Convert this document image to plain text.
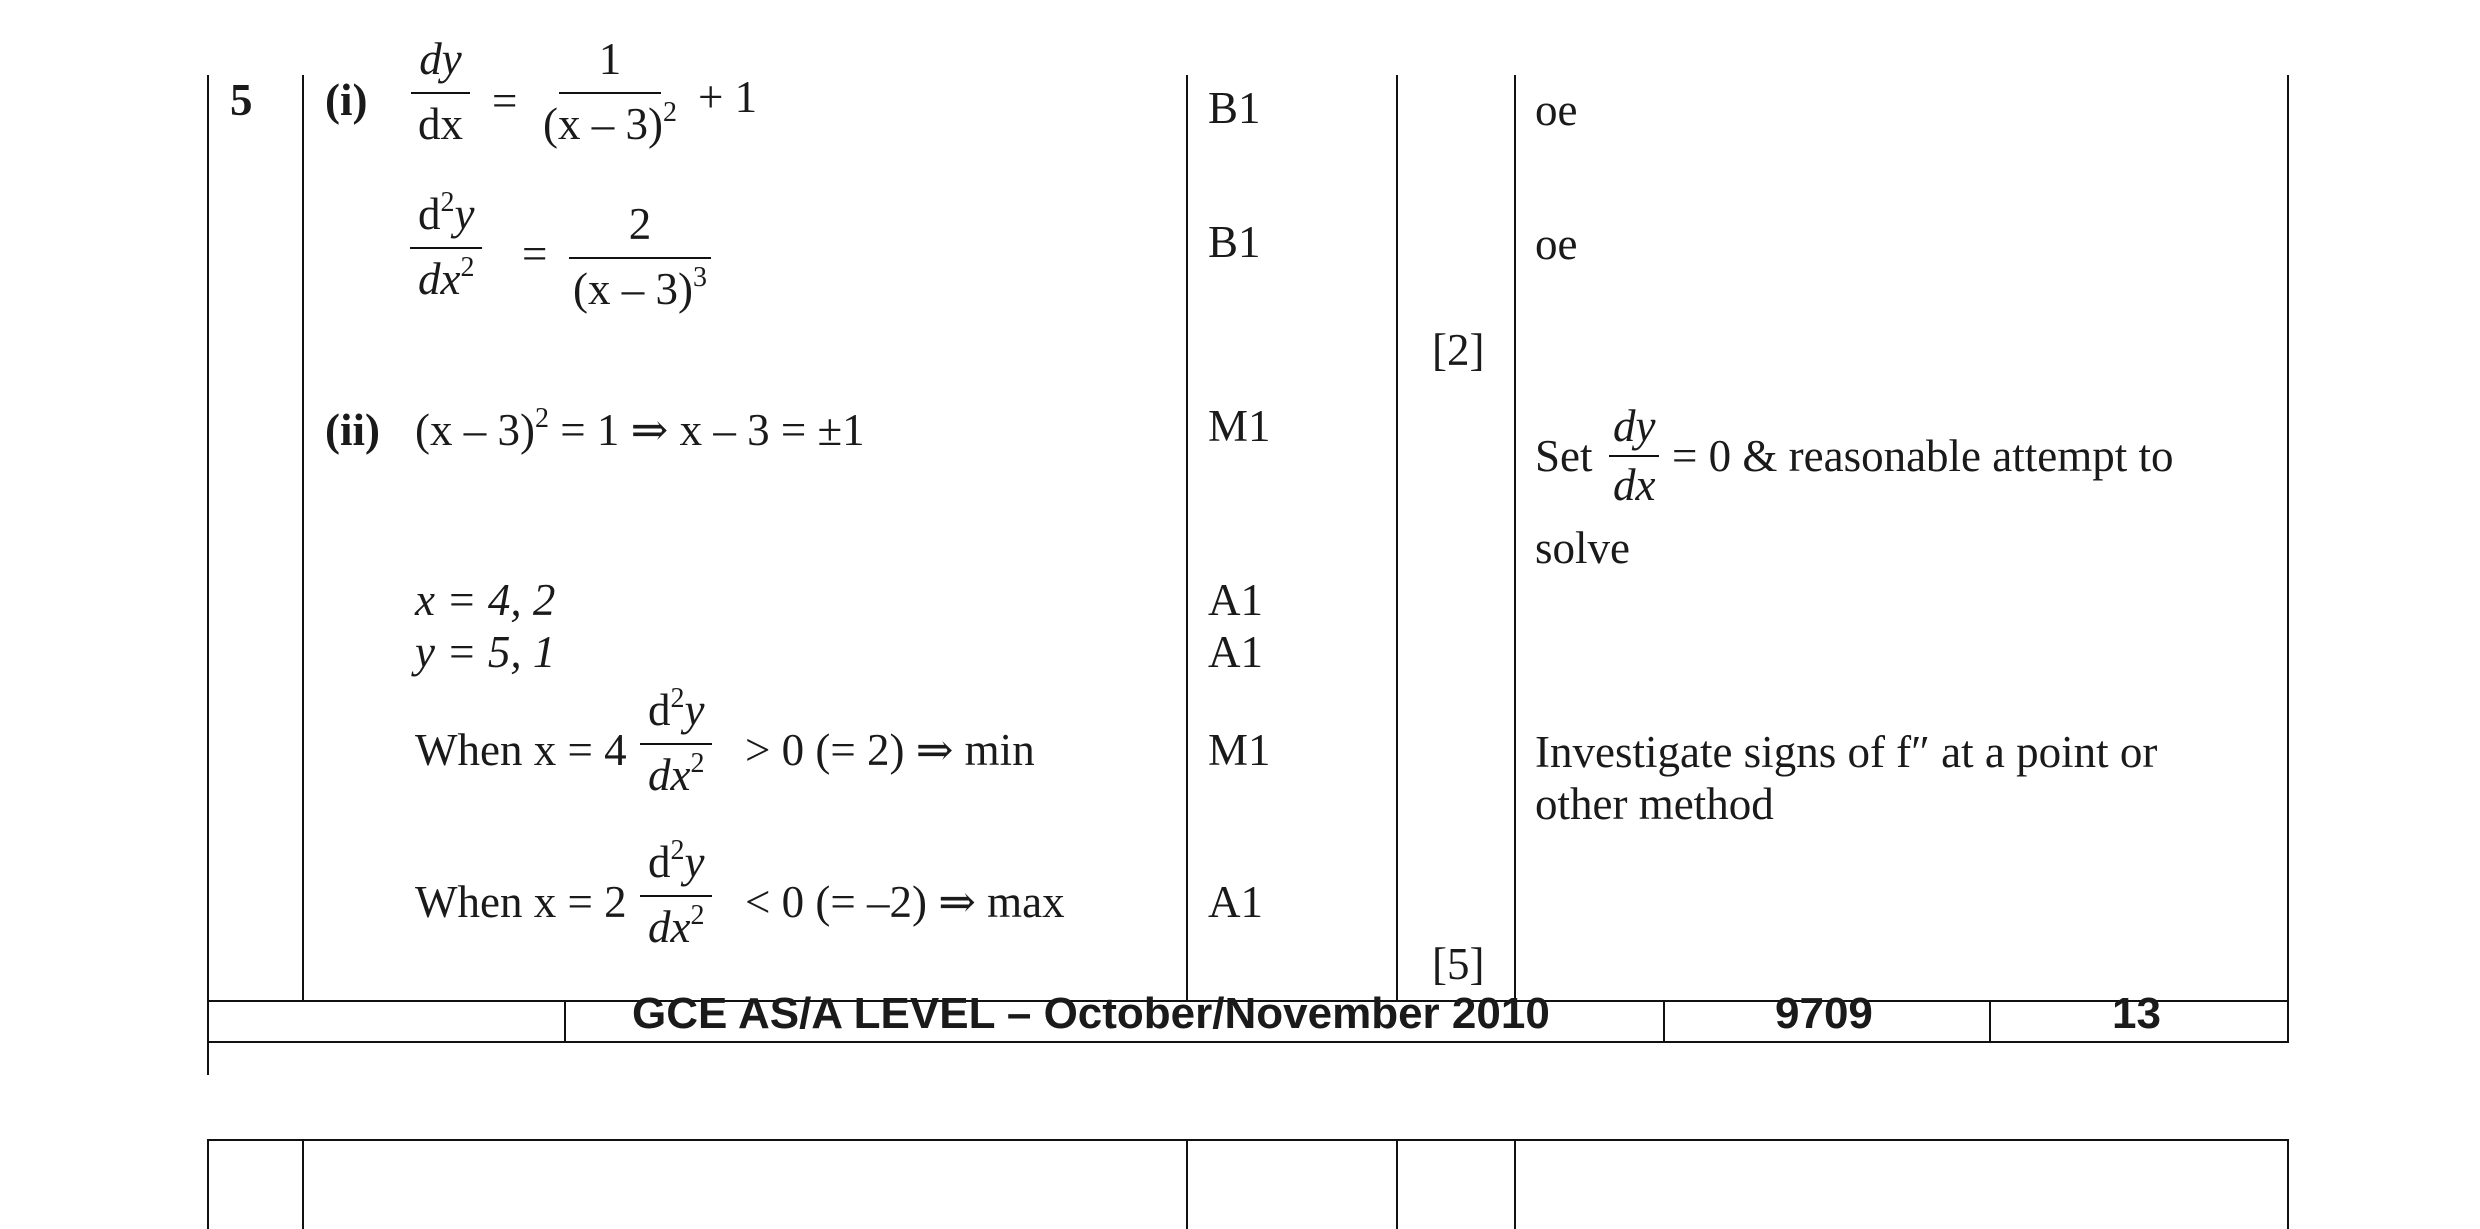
GCE AS/A LEVEL – October/November 2010	9709	13
5 (i)
(ii)
$\frac{dy}{dx} = \frac{1}{(x - 3)^2} + 1$
$\frac{d^2y}{dx^2} = \frac{2}{(x - 3)^3}$
(x – 3)$^2$ = 1 ⇒ x – 3 = ±1
x = 4, 2
y = 5, 1
When $x = 4 \frac{d^2y}{dx^2} > 0$ (= 2) ⇒ min
When $x = 2 \frac{d^2y}{dx^2} < 0$ (= –2) ⇒ max
B1
B1
M1
A1
A1
M1
A1
[2]
[5]
oe
oe
Set $\frac{dy}{dx} = 0$ & reasonable attempt to
solve
Investigate signs of f″ at a point or
other method
